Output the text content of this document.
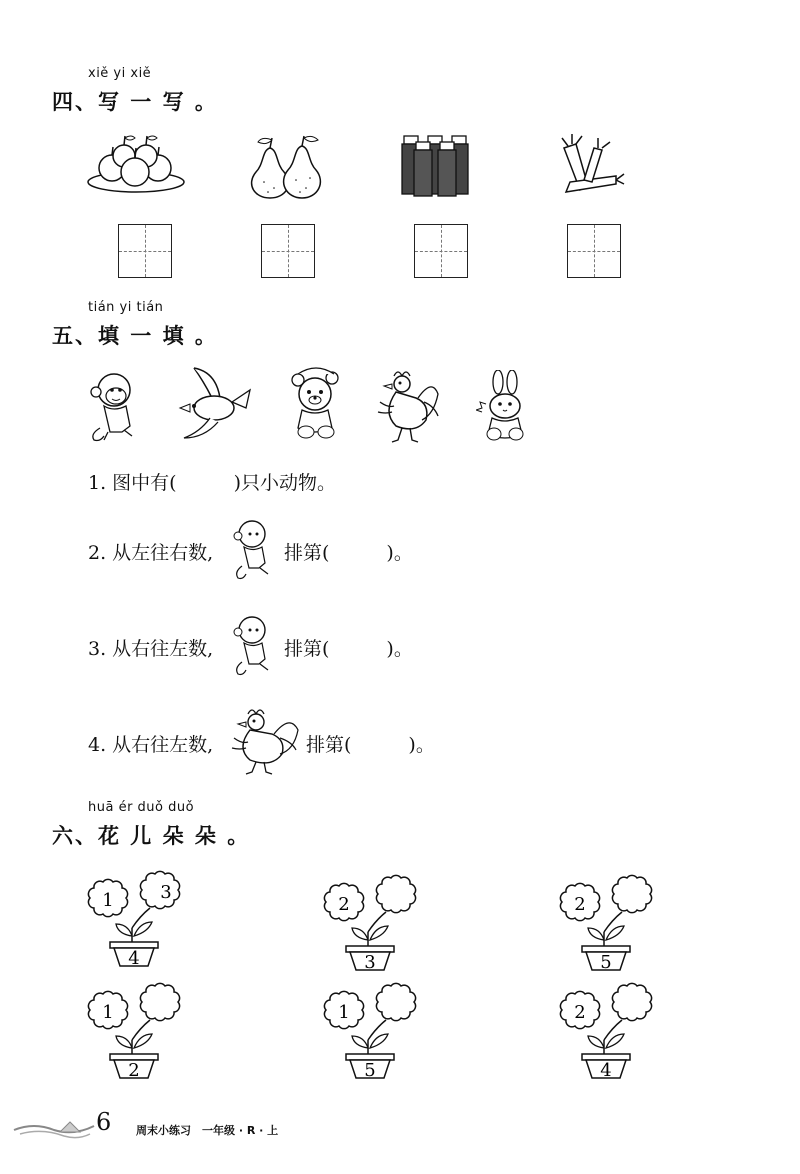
xiě yi xiě
四、写 一 写 。
tián yi tián
五、填 一 填 。
1. 图中有(　　　)只小动物。
2. 从左往右数,	排第(　　　)。
3. 从右往左数,	排第(　　　)。
4. 从右往左数,	排第(　　　)。
huā ér duǒ duǒ
六、花 儿 朵 朵 。
1	3
4
2
3
2
5
1
2
1
5
2
4
6 周末小练习　一年级 · R · 上
